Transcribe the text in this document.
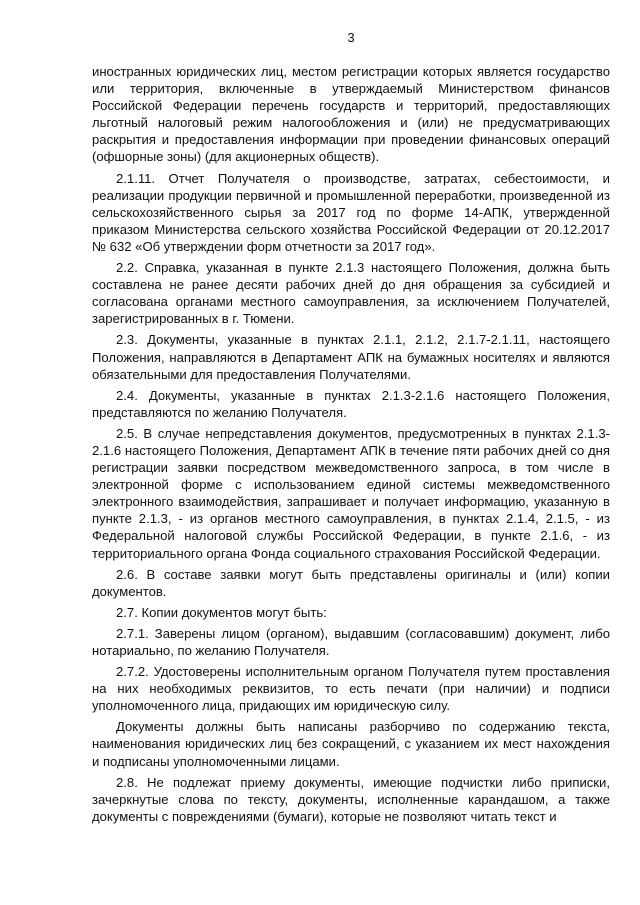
3

иностранных юридических лиц, местом регистрации которых является государство или территория, включенные в утверждаемый Министерством финансов Российской Федерации перечень государств и территорий, предоставляющих льготный налоговый режим налогообложения и (или) не предусматривающих раскрытия и предоставления информации при проведении финансовых операций (офшорные зоны) (для акционерных обществ).

2.1.11. Отчет Получателя о производстве, затратах, себестоимости, и реализации продукции первичной и промышленной переработки, произведенной из сельскохозяйственного сырья за 2017 год по форме 14-АПК, утвержденной приказом Министерства сельского хозяйства Российской Федерации от 20.12.2017 № 632 «Об утверждении форм отчетности за 2017 год».

2.2. Справка, указанная в пункте 2.1.3 настоящего Положения, должна быть составлена не ранее десяти рабочих дней до дня обращения за субсидией и согласована органами местного самоуправления, за исключением Получателей, зарегистрированных в г. Тюмени.

2.3. Документы, указанные в пунктах 2.1.1, 2.1.2, 2.1.7-2.1.11, настоящего Положения, направляются в Департамент АПК на бумажных носителях и являются обязательными для предоставления Получателями.

2.4. Документы, указанные в пунктах 2.1.3-2.1.6 настоящего Положения, представляются по желанию Получателя.

2.5. В случае непредставления документов, предусмотренных в пунктах 2.1.3-2.1.6 настоящего Положения, Департамент АПК в течение пяти рабочих дней со дня регистрации заявки посредством межведомственного запроса, в том числе в электронной форме с использованием единой системы межведомственного электронного взаимодействия, запрашивает и получает информацию, указанную в пункте 2.1.3, - из органов местного самоуправления, в пунктах 2.1.4, 2.1.5, - из Федеральной налоговой службы Российской Федерации, в пункте 2.1.6, - из территориального органа Фонда социального страхования Российской Федерации.

2.6. В составе заявки могут быть представлены оригиналы и (или) копии документов.

2.7. Копии документов могут быть:

2.7.1. Заверены лицом (органом), выдавшим (согласовавшим) документ, либо нотариально, по желанию Получателя.

2.7.2. Удостоверены исполнительным органом Получателя путем проставления на них необходимых реквизитов, то есть печати (при наличии) и подписи уполномоченного лица, придающих им юридическую силу.

Документы должны быть написаны разборчиво по содержанию текста, наименования юридических лиц без сокращений, с указанием их мест нахождения и подписаны уполномоченными лицами.

2.8. Не подлежат приему документы, имеющие подчистки либо приписки, зачеркнутые слова по тексту, документы, исполненные карандашом, а также документы с повреждениями (бумаги), которые не позволяют читать текст и
